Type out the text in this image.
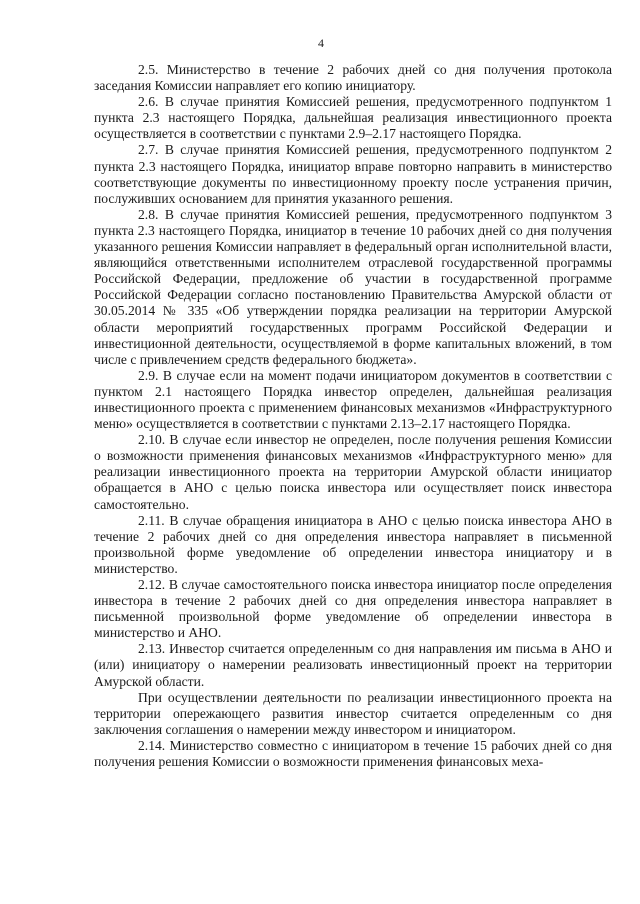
4

2.5. Министерство в течение 2 рабочих дней со дня получения протокола заседания Комиссии направляет его копию инициатору.

2.6. В случае принятия Комиссией решения, предусмотренного подпунктом 1 пункта 2.3 настоящего Порядка, дальнейшая реализация инвестиционного проекта осуществляется в соответствии с пунктами 2.9–2.17 настоящего Порядка.

2.7. В случае принятия Комиссией решения, предусмотренного подпунктом 2 пункта 2.3 настоящего Порядка, инициатор вправе повторно направить в министерство соответствующие документы по инвестиционному проекту после устранения причин, послуживших основанием для принятия указанного решения.

2.8. В случае принятия Комиссией решения, предусмотренного подпунктом 3 пункта 2.3 настоящего Порядка, инициатор в течение 10 рабочих дней со дня получения указанного решения Комиссии направляет в федеральный орган исполнительной власти, являющийся ответственными исполнителем отраслевой государственной программы Российской Федерации, предложение об участии в государственной программе Российской Федерации согласно постановлению Правительства Амурской области от 30.05.2014 № 335 «Об утверждении порядка реализации на территории Амурской области мероприятий государственных программ Российской Федерации и инвестиционной деятельности, осуществляемой в форме капитальных вложений, в том числе с привлечением средств федерального бюджета».

2.9. В случае если на момент подачи инициатором документов в соответствии с пунктом 2.1 настоящего Порядка инвестор определен, дальнейшая реализация инвестиционного проекта с применением финансовых механизмов «Инфраструктурного меню» осуществляется в соответствии с пунктами 2.13–2.17 настоящего Порядка.

2.10. В случае если инвестор не определен, после получения решения Комиссии о возможности применения финансовых механизмов «Инфраструктурного меню» для реализации инвестиционного проекта на территории Амурской области инициатор обращается в АНО с целью поиска инвестора или осуществляет поиск инвестора самостоятельно.

2.11. В случае обращения инициатора в АНО с целью поиска инвестора АНО в течение 2 рабочих дней со дня определения инвестора направляет в письменной произвольной форме уведомление об определении инвестора инициатору и в министерство.

2.12. В случае самостоятельного поиска инвестора инициатор после определения инвестора в течение 2 рабочих дней со дня определения инвестора направляет в письменной произвольной форме уведомление об определении инвестора в министерство и АНО.

2.13. Инвестор считается определенным со дня направления им письма в АНО и (или) инициатору о намерении реализовать инвестиционный проект на территории Амурской области.

При осуществлении деятельности по реализации инвестиционного проекта на территории опережающего развития инвестор считается определенным со дня заключения соглашения о намерении между инвестором и инициатором.

2.14. Министерство совместно с инициатором в течение 15 рабочих дней со дня получения решения Комиссии о возможности применения финансовых меха-
